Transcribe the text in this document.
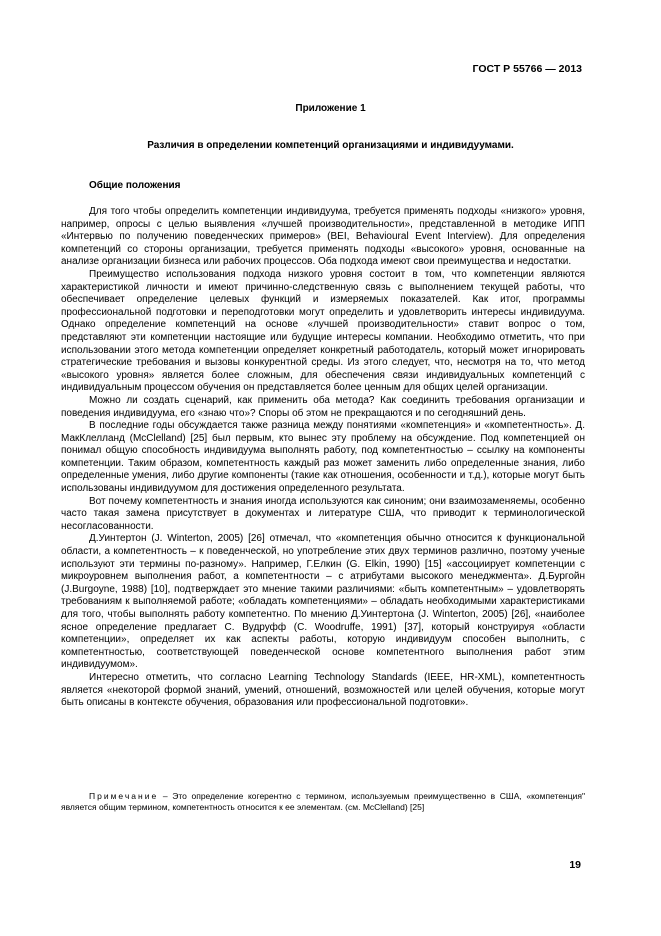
ГОСТ Р 55766 — 2013
Приложение 1
Различия в определении компетенций организациями и индивидуумами.
Общие положения

Для того чтобы определить компетенции индивидуума, требуется применять подходы «низкого» уровня, например, опросы с целью выявления «лучшей производительности», представленной в методике ИПП «Интервью по получению поведенческих примеров» (BEI, Behavioural Event Interview). Для определения компетенций со стороны организации, требуется применять подходы «высокого» уровня, основанные на анализе организации бизнеса или рабочих процессов. Оба подхода имеют свои преимущества и недостатки.

Преимущество использования подхода низкого уровня состоит в том, что компетенции являются характеристикой личности и имеют причинно-следственную связь с выполнением текущей работы, что обеспечивает определение целевых функций и измеряемых показателей. Как итог, программы профессиональной подготовки и переподготовки могут определить и удовлетворить интересы индивидуума. Однако определение компетенций на основе «лучшей производительности» ставит вопрос о том, представляют эти компетенции настоящие или будущие интересы компании. Необходимо отметить, что при использовании этого метода компетенции определяет конкретный работодатель, который может игнорировать стратегические требования и вызовы конкурентной среды. Из этого следует, что, несмотря на то, что метод «высокого уровня» является более сложным, для обеспечения связи индивидуальных компетенций с индивидуальным процессом обучения он представляется более ценным для общих целей организации.

Можно ли создать сценарий, как применить оба метода? Как соединить требования организации и поведения индивидуума, его «знаю что»? Споры об этом не прекращаются и по сегодняшний день.

В последние годы обсуждается также разница между понятиями «компетенция» и «компетентность». Д. МакКлелланд (McClelland) [25] был первым, кто вынес эту проблему на обсуждение. Под компетенцией он понимал общую способность индивидуума выполнять работу, под компетентностью – ссылку на компоненты компетенции. Таким образом, компетентность каждый раз может заменить либо определенные знания, либо определенные умения, либо другие компоненты (такие как отношения, особенности и т.д.), которые могут быть использованы индивидуумом для достижения определенного результата.

Вот почему компетентность и знания иногда используются как синоним; они взаимозаменяемы, особенно часто такая замена присутствует в документах и литературе США, что приводит к терминологической несогласованности.

Д.Уинтертон (J. Winterton, 2005) [26] отмечал, что «компетенция обычно относится к функциональной области, а компетентность – к поведенческой, но употребление этих двух терминов различно, поэтому ученые используют эти термины по-разному». Например, Г.Елкин (G. Elkin, 1990) [15] «ассоциирует компетенции с микроуровнем выполнения работ, а компетентности – с атрибутами высокого менеджмента». Д.Бургойн (J.Burgoyne, 1988) [10], подтверждает это мнение такими различиями: «быть компетентным» – удовлетворять требованиям к выполняемой работе; «обладать компетенциями» – обладать необходимыми характеристиками для того, чтобы выполнять работу компетентно. По мнению Д.Уинтертона (J. Winterton, 2005) [26], «наиболее ясное определение предлагает С. Вудруфф (C. Woodruffe, 1991) [37], который конструируя «области компетенции», определяет их как аспекты работы, которую индивидуум способен выполнить, с компетентностью, соответствующей поведенческой основе компетентного выполнения работ этим индивидуумом».

Интересно отметить, что согласно Learning Technology Standards (IEEE, HR-XML), компетентность является «некоторой формой знаний, умений, отношений, возможностей или целей обучения, которые могут быть описаны в контексте обучения, образования или профессиональной подготовки».

Примечание – Это определение когерентно с термином, используемым преимущественно в США, «компетенция" является общим термином, компетентность относится к ее элементам. (см. McClelland) [25]

19
